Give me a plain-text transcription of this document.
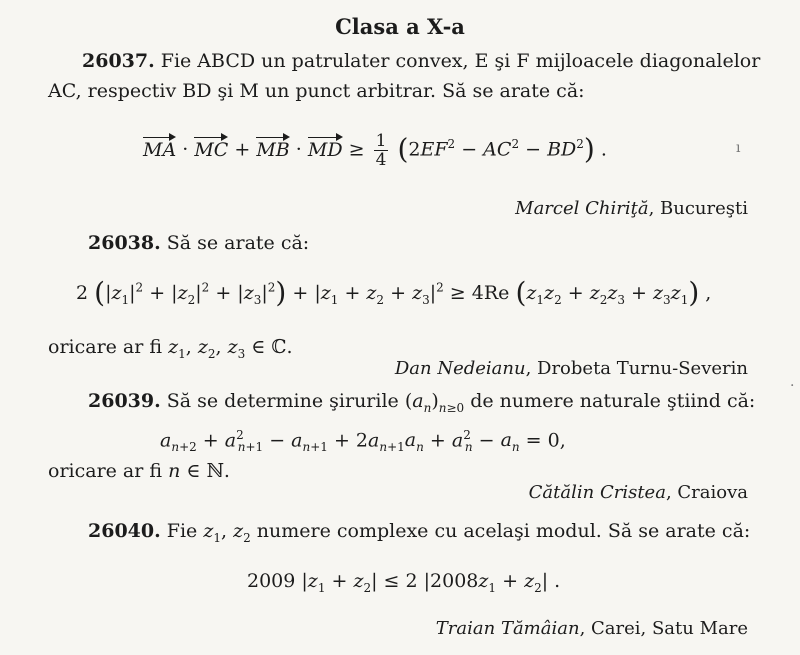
Clasa a X-a
26037. Fie ABCD un patrulater convex, E şi F mijloacele diagonalelor
AC, respectiv BD şi M un punct arbitrar. Să se arate că:
MA · MC + MB · MD ≥ $\frac{1}{4} (2EF^2 - AC^2 - BD^2)$ .
Marcel Chiriţă, Bucureşti
26038. Să se arate că:
2 $(|z_1|^2 + |z_2|^2 + |z_3|^2) + |z_1 + z_2 + z_3|^2 \ge 4Re$ $(z_1z_2 + z_2z_3 + z_3z_1)$ ,
oricare ar fi $z_1$, $z_2$, $z_3$ ∈ ℂ.
Dan Nedeianu, Drobeta Turnu-Severin
26039. Să se determine şirurile $(a_n)_{n\ge 0}$ de numere naturale ştiind că:
$a_{n+2} + a^2_{n+1} - a_{n+1} + 2a_{n+1}a_n + a^2_n - a_n = 0$,
oricare ar fi n ∈ ℕ.
Cătălin Cristea, Craiova
26040. Fie $z_1$, $z_2$ numere complexe cu acelaşi modul. Să se arate că:
2009 $|z_1 + z_2| \le 2$ $|2008z_1 + z_2|$ .
Traian Tămâian, Carei, Satu Mare
ı
·
